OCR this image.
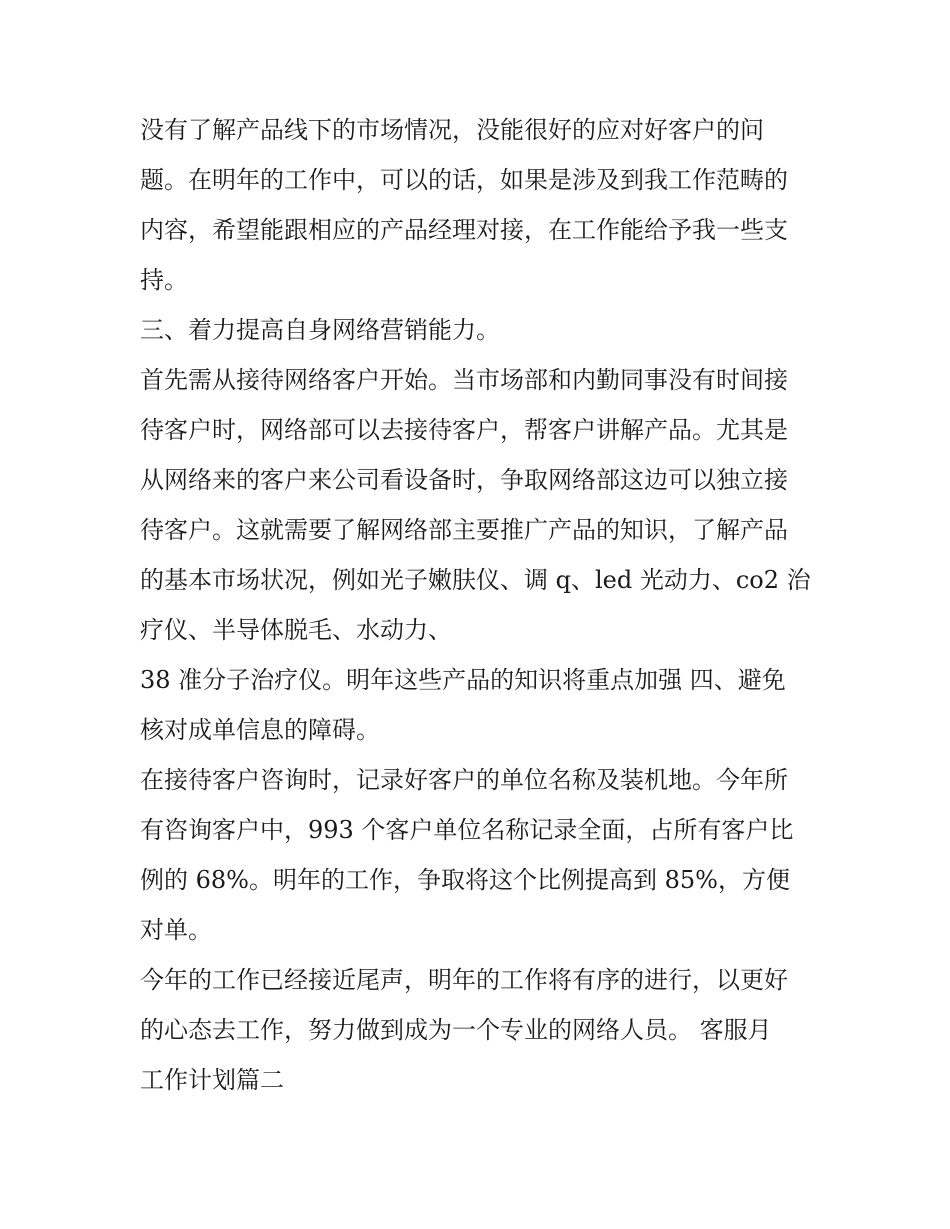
没有了解产品线下的市场情况，没能很好的应对好客户的问
题。在明年的工作中，可以的话，如果是涉及到我工作范畴的
内容，希望能跟相应的产品经理对接，在工作能给予我一些支
持。
三、着力提高自身网络营销能力。
首先需从接待网络客户开始。当市场部和内勤同事没有时间接
待客户时，网络部可以去接待客户，帮客户讲解产品。尤其是
从网络来的客户来公司看设备时，争取网络部这边可以独立接
待客户。这就需要了解网络部主要推广产品的知识，了解产品
的基本市场状况，例如光子嫩肤仪、调 q、led 光动力、co2 治
疗仪、半导体脱毛、水动力、
38 准分子治疗仪。明年这些产品的知识将重点加强 四、避免
核对成单信息的障碍。
在接待客户咨询时，记录好客户的单位名称及装机地。今年所
有咨询客户中，993 个客户单位名称记录全面，占所有客户比
例的 68%。明年的工作，争取将这个比例提高到 85%，方便
对单。
今年的工作已经接近尾声，明年的工作将有序的进行，以更好
的心态去工作，努力做到成为一个专业的网络人员。 客服月
工作计划篇二
